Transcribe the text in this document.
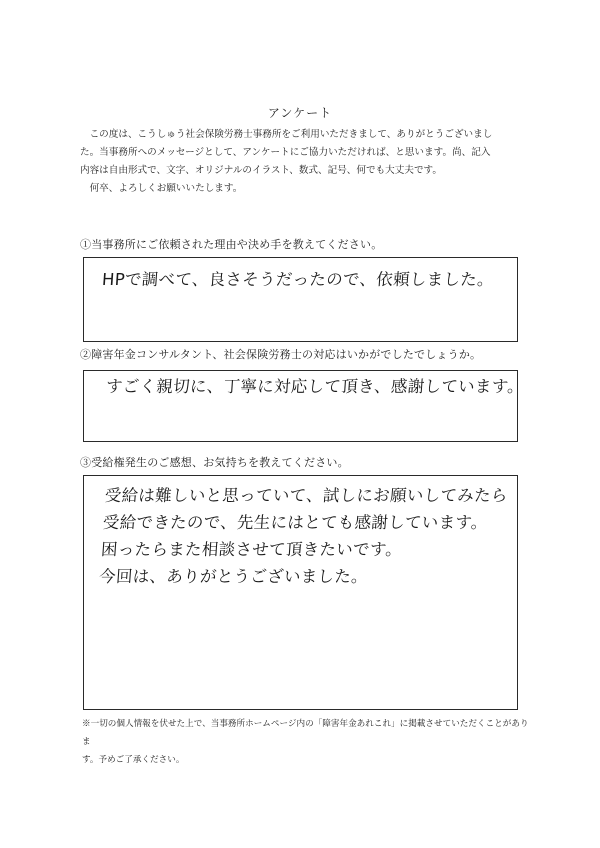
アンケート

この度は、こうしゅう社会保険労務士事務所をご利用いただきまして、ありがとうございまし

た。当事務所へのメッセージとして、アンケートにご協力いただければ、と思います。尚、記入

内容は自由形式で、文字、オリジナルのイラスト、数式、記号、何でも大丈夫です。

何卒、よろしくお願いいたします。

①当事務所にご依頼された理由や決め手を教えてください。
HPで調べて、良さそうだったので、依頼しました。
②障害年金コンサルタント、社会保険労務士の対応はいかがでしたでしょうか。
すごく親切に、丁寧に対応して頂き、感謝しています。
③受給権発生のご感想、お気持ちを教えてください。
受給は難しいと思っていて、試しにお願いしてみたら
受給できたので、先生にはとても感謝しています。
困ったらまた相談させて頂きたいです。
今回は、ありがとうございました。

※一切の個人情報を伏せた上で、当事務所ホームページ内の「障害年金あれこれ」に掲載させていただくことがありま

す。予めご了承ください。
